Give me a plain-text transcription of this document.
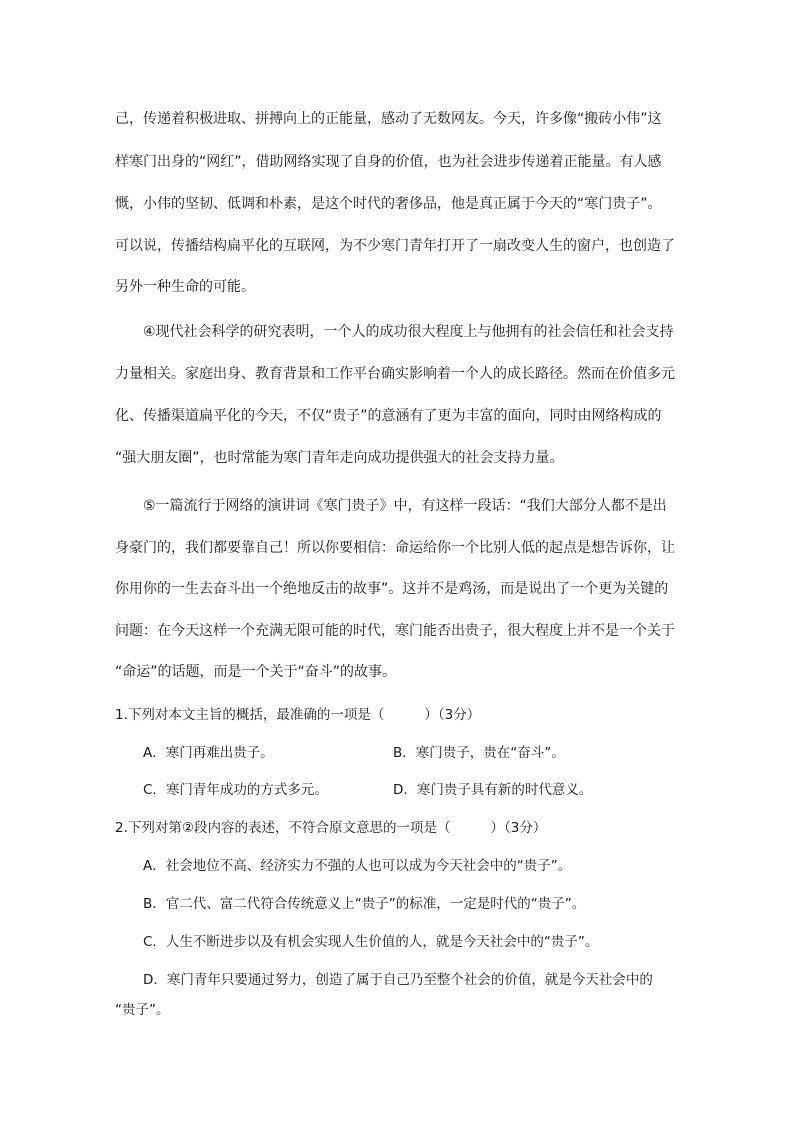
己，传递着积极进取、拼搏向上的正能量，感动了无数网友。今天，许多像“搬砖小伟”这
样寒门出身的“网红”，借助网络实现了自身的价值，也为社会进步传递着正能量。有人感
慨，小伟的坚韧、低调和朴素，是这个时代的奢侈品，他是真正属于今天的“寒门贵子”。
可以说，传播结构扁平化的互联网，为不少寒门青年打开了一扇改变人生的窗户，也创造了
另外一种生命的可能。
④现代社会科学的研究表明，一个人的成功很大程度上与他拥有的社会信任和社会支持
力量相关。家庭出身、教育背景和工作平台确实影响着一个人的成长路径。然而在价值多元
化、传播渠道扁平化的今天，不仅“贵子”的意涵有了更为丰富的面向，同时由网络构成的
“强大朋友圈”，也时常能为寒门青年走向成功提供强大的社会支持力量。
⑤一篇流行于网络的演讲词《寒门贵子》中，有这样一段话：“我们大部分人都不是出
身豪门的，我们都要靠自己！所以你要相信：命运给你一个比别人低的起点是想告诉你，让
你用你的一生去奋斗出一个绝地反击的故事”。这并不是鸡汤，而是说出了一个更为关键的
问题：在今天这样一个充满无限可能的时代，寒门能否出贵子，很大程度上并不是一个关于
“命运”的话题，而是一个关于“奋斗”的故事。
1.下列对本文主旨的概括，最准确的一项是（	）（3分）
A．寒门再难出贵子。	B．寒门贵子，贵在“奋斗”。
C．寒门青年成功的方式多元。	D．寒门贵子具有新的时代意义。
2.下列对第②段内容的表述，不符合原文意思的一项是（	）（3分）
A．社会地位不高、经济实力不强的人也可以成为今天社会中的“贵子”。
B．官二代、富二代符合传统意义上“贵子”的标准，一定是时代的“贵子”。
C．人生不断进步以及有机会实现人生价值的人，就是今天社会中的“贵子”。
D．寒门青年只要通过努力，创造了属于自己乃至整个社会的价值，就是今天社会中的
“贵子”。
